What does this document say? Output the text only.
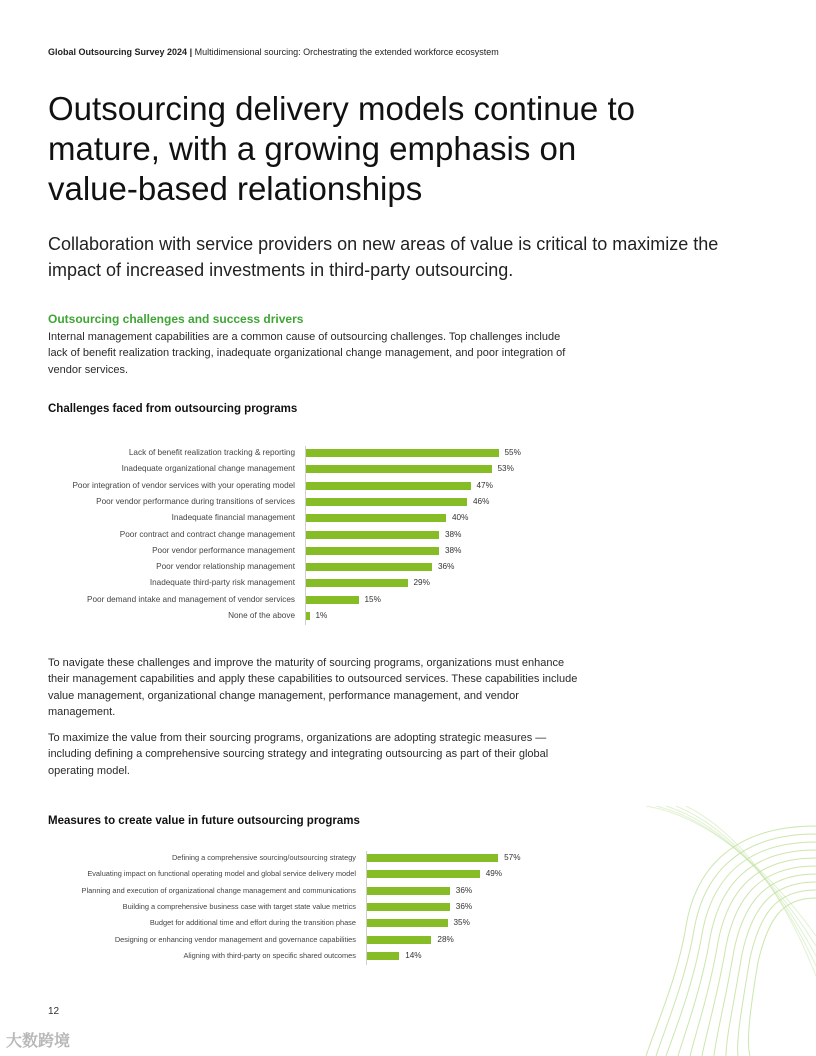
Global Outsourcing Survey 2024 | Multidimensional sourcing: Orchestrating the extended workforce ecosystem
Outsourcing delivery models continue to mature, with a growing emphasis on value-based relationships

Collaboration with service providers on new areas of value is critical to maximize the impact of increased investments in third-party outsourcing.

Outsourcing challenges and success drivers

Internal management capabilities are a common cause of outsourcing challenges. Top challenges include lack of benefit realization tracking, inadequate organizational change management, and poor integration of vendor services.

Challenges faced from outsourcing programs
Lack of benefit realization tracking & reporting	55%
Inadequate organizational change management	53%
Poor integration of vendor services with your operating model	47%
Poor vendor performance during transitions of services	46%
Inadequate financial management	40%
Poor contract and contract change management	38%
Poor vendor performance management	38%
Poor vendor relationship management	36%
Inadequate third-party risk management	29%
Poor demand intake and management of vendor services	15%
None of the above	1%

To navigate these challenges and improve the maturity of sourcing programs, organizations must enhance their management capabilities and apply these capabilities to outsourced services. These capabilities include value management, organizational change management, performance management, and vendor management.

To maximize the value from their sourcing programs, organizations are adopting strategic measures —including defining a comprehensive sourcing strategy and integrating outsourcing as part of their global operating model.

Measures to create value in future outsourcing programs
Defining a comprehensive sourcing/outsourcing strategy	57%
Evaluating impact on functional operating model and global service delivery model	49%
Planning and execution of organizational change management and communications	36%
Building a comprehensive business case with target state value metrics	36%
Budget for additional time and effort during the transition phase	35%
Designing or enhancing vendor management and governance capabilities	28%
Aligning with third-party on specific shared outcomes	14%
12
大数跨境
